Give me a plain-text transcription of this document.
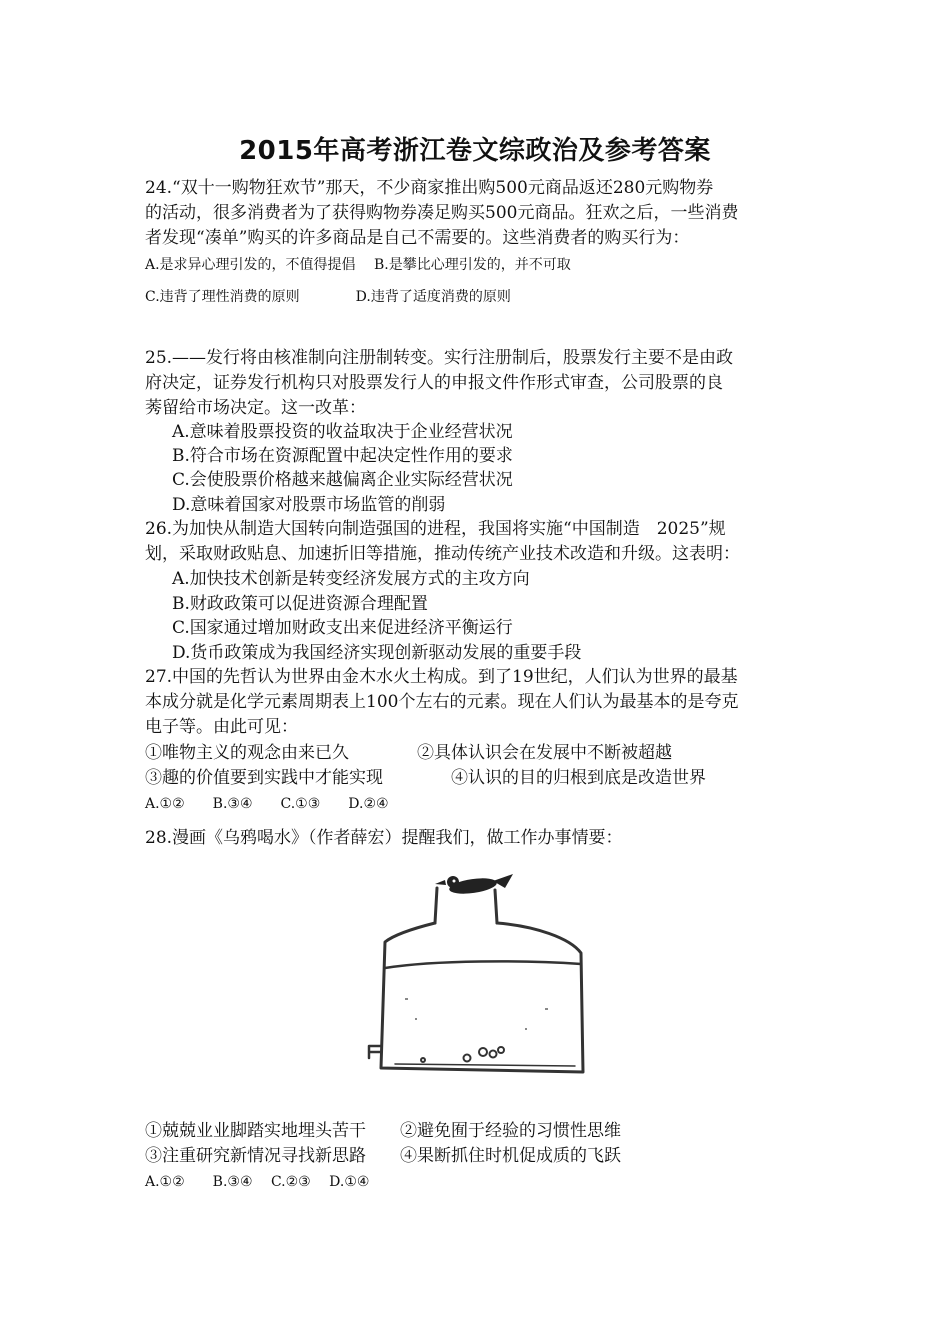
2015年高考浙江卷文综政治及参考答案
24.“双十一购物狂欢节”那天，不少商家推出购500元商品返还280元购物券
的活动，很多消费者为了获得购物券凑足购买500元商品。狂欢之后，一些消费
者发现“凑单”购买的许多商品是自己不需要的。这些消费者的购买行为：
A.是求异心理引发的，不值得提倡　 B.是攀比心理引发的，并不可取
C.违背了理性消费的原则　　　　D.违背了适度消费的原则
25.——发行将由核准制向注册制转变。实行注册制后，股票发行主要不是由政
府决定，证券发行机构只对股票发行人的申报文件作形式审查，公司股票的良
莠留给市场决定。这一改革：
A.意味着股票投资的收益取决于企业经营状况
B.符合市场在资源配置中起决定性作用的要求
C.会使股票价格越来越偏离企业实际经营状况
D.意味着国家对股票市场监管的削弱
26.为加快从制造大国转向制造强国的进程，我国将实施“中国制造　2025”规
划，采取财政贴息、加速折旧等措施，推动传统产业技术改造和升级。这表明：
A.加快技术创新是转变经济发展方式的主攻方向
B.财政政策可以促进资源合理配置
C.国家通过增加财政支出来促进经济平衡运行
D.货币政策成为我国经济实现创新驱动发展的重要手段
27.中国的先哲认为世界由金木水火土构成。到了19世纪，人们认为世界的最基
本成分就是化学元素周期表上100个左右的元素。现在人们认为最基本的是夸克
电子等。由此可见：
①唯物主义的观念由来已久　　　　②具体认识会在发展中不断被超越
③趣的价值要到实践中才能实现　　　　④认识的目的归根到底是改造世界
A.①②　　B.③④　　C.①③　　D.②④
28.漫画《乌鸦喝水》（作者薛宏）提醒我们，做工作办事情要：
①兢兢业业脚踏实地埋头苦干　　②避免囿于经验的习惯性思维
③注重研究新情况寻找新思路　　④果断抓住时机促成质的飞跃
A.①②　　B.③④　 C.②③　 D.①④
